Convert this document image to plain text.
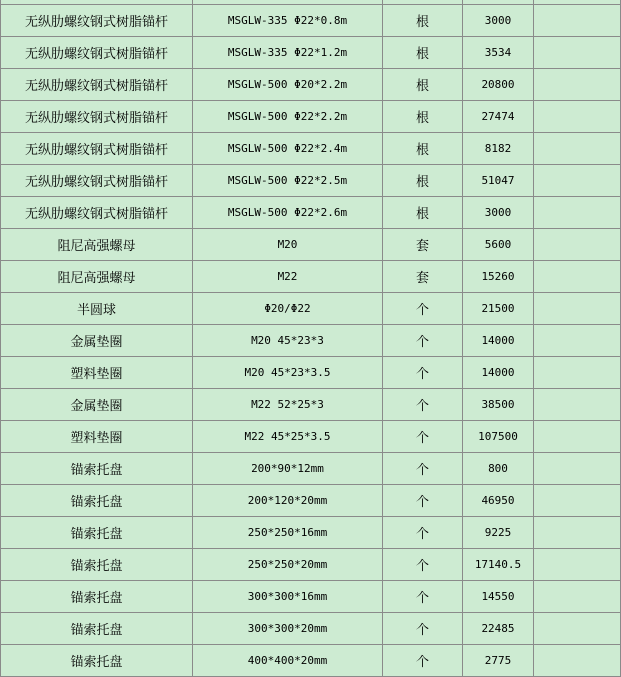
无纵肋螺纹钢式树脂锚杆	MSGLW-335 Φ22*0.8m	根	3000	
无纵肋螺纹钢式树脂锚杆	MSGLW-335 Φ22*1.2m	根	3534	
无纵肋螺纹钢式树脂锚杆	MSGLW-500 Φ20*2.2m	根	20800	
无纵肋螺纹钢式树脂锚杆	MSGLW-500 Φ22*2.2m	根	27474	
无纵肋螺纹钢式树脂锚杆	MSGLW-500 Φ22*2.4m	根	8182	
无纵肋螺纹钢式树脂锚杆	MSGLW-500 Φ22*2.5m	根	51047	
无纵肋螺纹钢式树脂锚杆	MSGLW-500 Φ22*2.6m	根	3000	
阻尼高强螺母	M20	套	5600	
阻尼高强螺母	M22	套	15260	
半圆球	Φ20/Φ22	个	21500	
金属垫圈	M20 45*23*3	个	14000	
塑料垫圈	M20 45*23*3.5	个	14000	
金属垫圈	M22 52*25*3	个	38500	
塑料垫圈	M22 45*25*3.5	个	107500	
锚索托盘	200*90*12mm	个	800	
锚索托盘	200*120*20mm	个	46950	
锚索托盘	250*250*16mm	个	9225	
锚索托盘	250*250*20mm	个	17140.5	
锚索托盘	300*300*16mm	个	14550	
锚索托盘	300*300*20mm	个	22485	
锚索托盘	400*400*20mm	个	2775	
